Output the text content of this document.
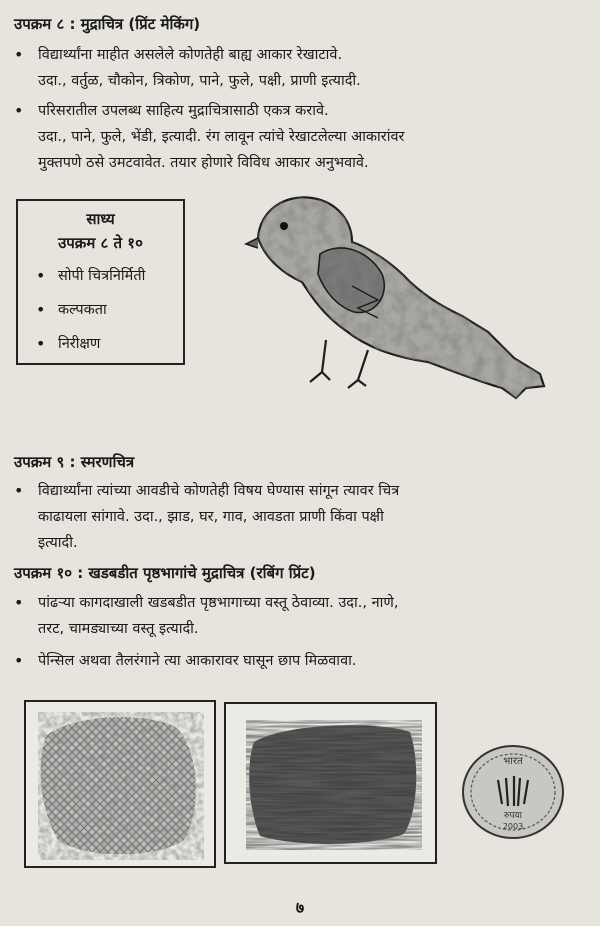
उपक्रम ८ : मुद्राचित्र (प्रिंट मेकिंग)
• विद्यार्थ्यांना माहीत असलेले कोणतेही बाह्य आकार रेखाटावे.
उदा., वर्तुळ, चौकोन, त्रिकोण, पाने, फुले, पक्षी, प्राणी इत्यादी.
• परिसरातील उपलब्ध साहित्य मुद्राचित्रासाठी एकत्र करावे.
उदा., पाने, फुले, भेंडी, इत्यादी. रंग लावून त्यांचे रेखाटलेल्या आकारांवर
मुक्तपणे ठसे उमटवावेत. तयार होणारे विविध आकार अनुभवावे.
साध्य
उपक्रम ८ ते १०
• सोपी चित्रनिर्मिती
• कल्पकता
• निरीक्षण
उपक्रम ९ : स्मरणचित्र
• विद्यार्थ्यांना त्यांच्या आवडीचे कोणतेही विषय घेण्यास सांगून त्यावर चित्र
काढायला सांगावे. उदा., झाड, घर, गाव, आवडता प्राणी किंवा पक्षी
इत्यादी.
उपक्रम १० : खडबडीत पृष्ठभागांचे मुद्राचित्र (रबिंग प्रिंट)
• पांढऱ्या कागदाखाली खडबडीत पृष्ठभागाच्या वस्तू ठेवाव्या. उदा., नाणे,
तरट, चामड्याच्या वस्तू इत्यादी.
• पेन्सिल अथवा तैलरंगाने त्या आकारावर घासून छाप मिळवावा.
भारत
रुपया
2003
७
